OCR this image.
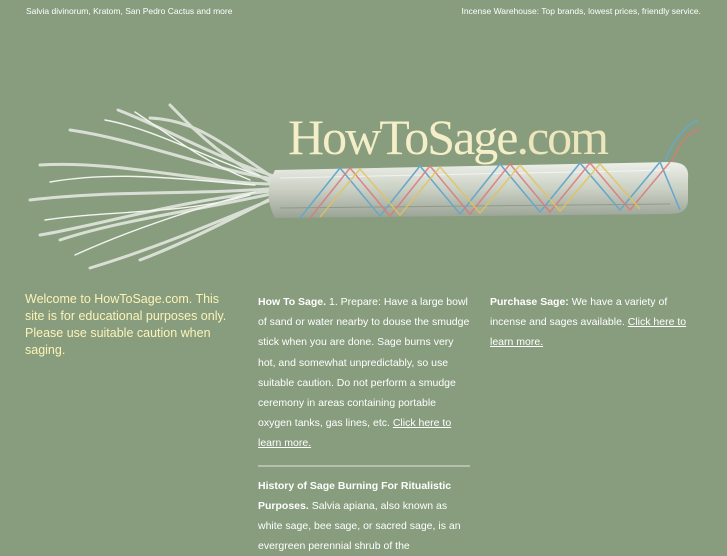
Salvia divinorum, Kratom, San Pedro Cactus and more	Incense Warehouse: Top brands, lowest prices, friendly service.
HowToSage.com
Welcome to HowToSage.com. This site is for educational purposes only. Please use suitable caution when saging.
How To Sage. 1. Prepare: Have a large bowl of sand or water nearby to douse the smudge stick when you are done. Sage burns very hot, and somewhat unpredictably, so use suitable caution. Do not perform a smudge ceremony in areas containing portable oxygen tanks, gas lines, etc. Click here to learn more.
History of Sage Burning For Ritualistic Purposes. Salvia apiana, also known as white sage, bee sage, or sacred sage, is an evergreen perennial shrub of the
Purchase Sage: We have a variety of incense and sages available. Click here to learn more.
